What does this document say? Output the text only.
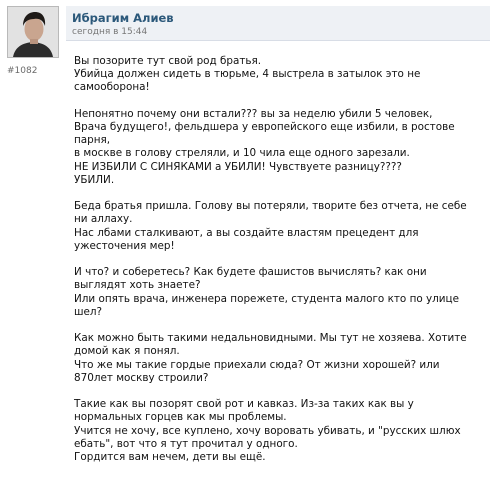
#1082
Ибрагим Алиев
сегодня в 15:44

Вы позорите тут свой род братья.
Убийца должен сидеть в тюрьме, 4 выстрела в затылок это не
самооборона!

Непонятно почему они встали??? вы за неделю убили 5 человек,
Врача будущего!, фельдшера у европейского еще избили, в ростове
парня,
в москве в голову стреляли, и 10 чила еще одного зарезали.
НЕ ИЗБИЛИ С СИНЯКАМИ а УБИЛИ! Чувствуете разницу????
УБИЛИ.

Беда братья пришла. Голову вы потеряли, творите без отчета, не себе
ни аллаху.
Нас лбами сталкивают, а вы создайте властям прецедент для
ужесточения мер!

И что? и соберетесь? Как будете фашистов вычислять? как они
выглядят хоть знаете?
Или опять врача, инженера порежете, студента малого кто по улице
шел?

Как можно быть такими недальновидными. Мы тут не хозяева. Хотите
домой как я понял.
Что же мы такие гордые приехали сюда? От жизни хорошей? или
870лет москву строили?

Такие как вы позорят свой рот и кавказ. Из-за таких как вы у
нормальных горцев как мы проблемы.
Учится не хочу, все куплено, хочу воровать убивать, и "русских шлюх
ебать", вот что я тут прочитал у одного.
Гордится вам нечем, дети вы ещё.
